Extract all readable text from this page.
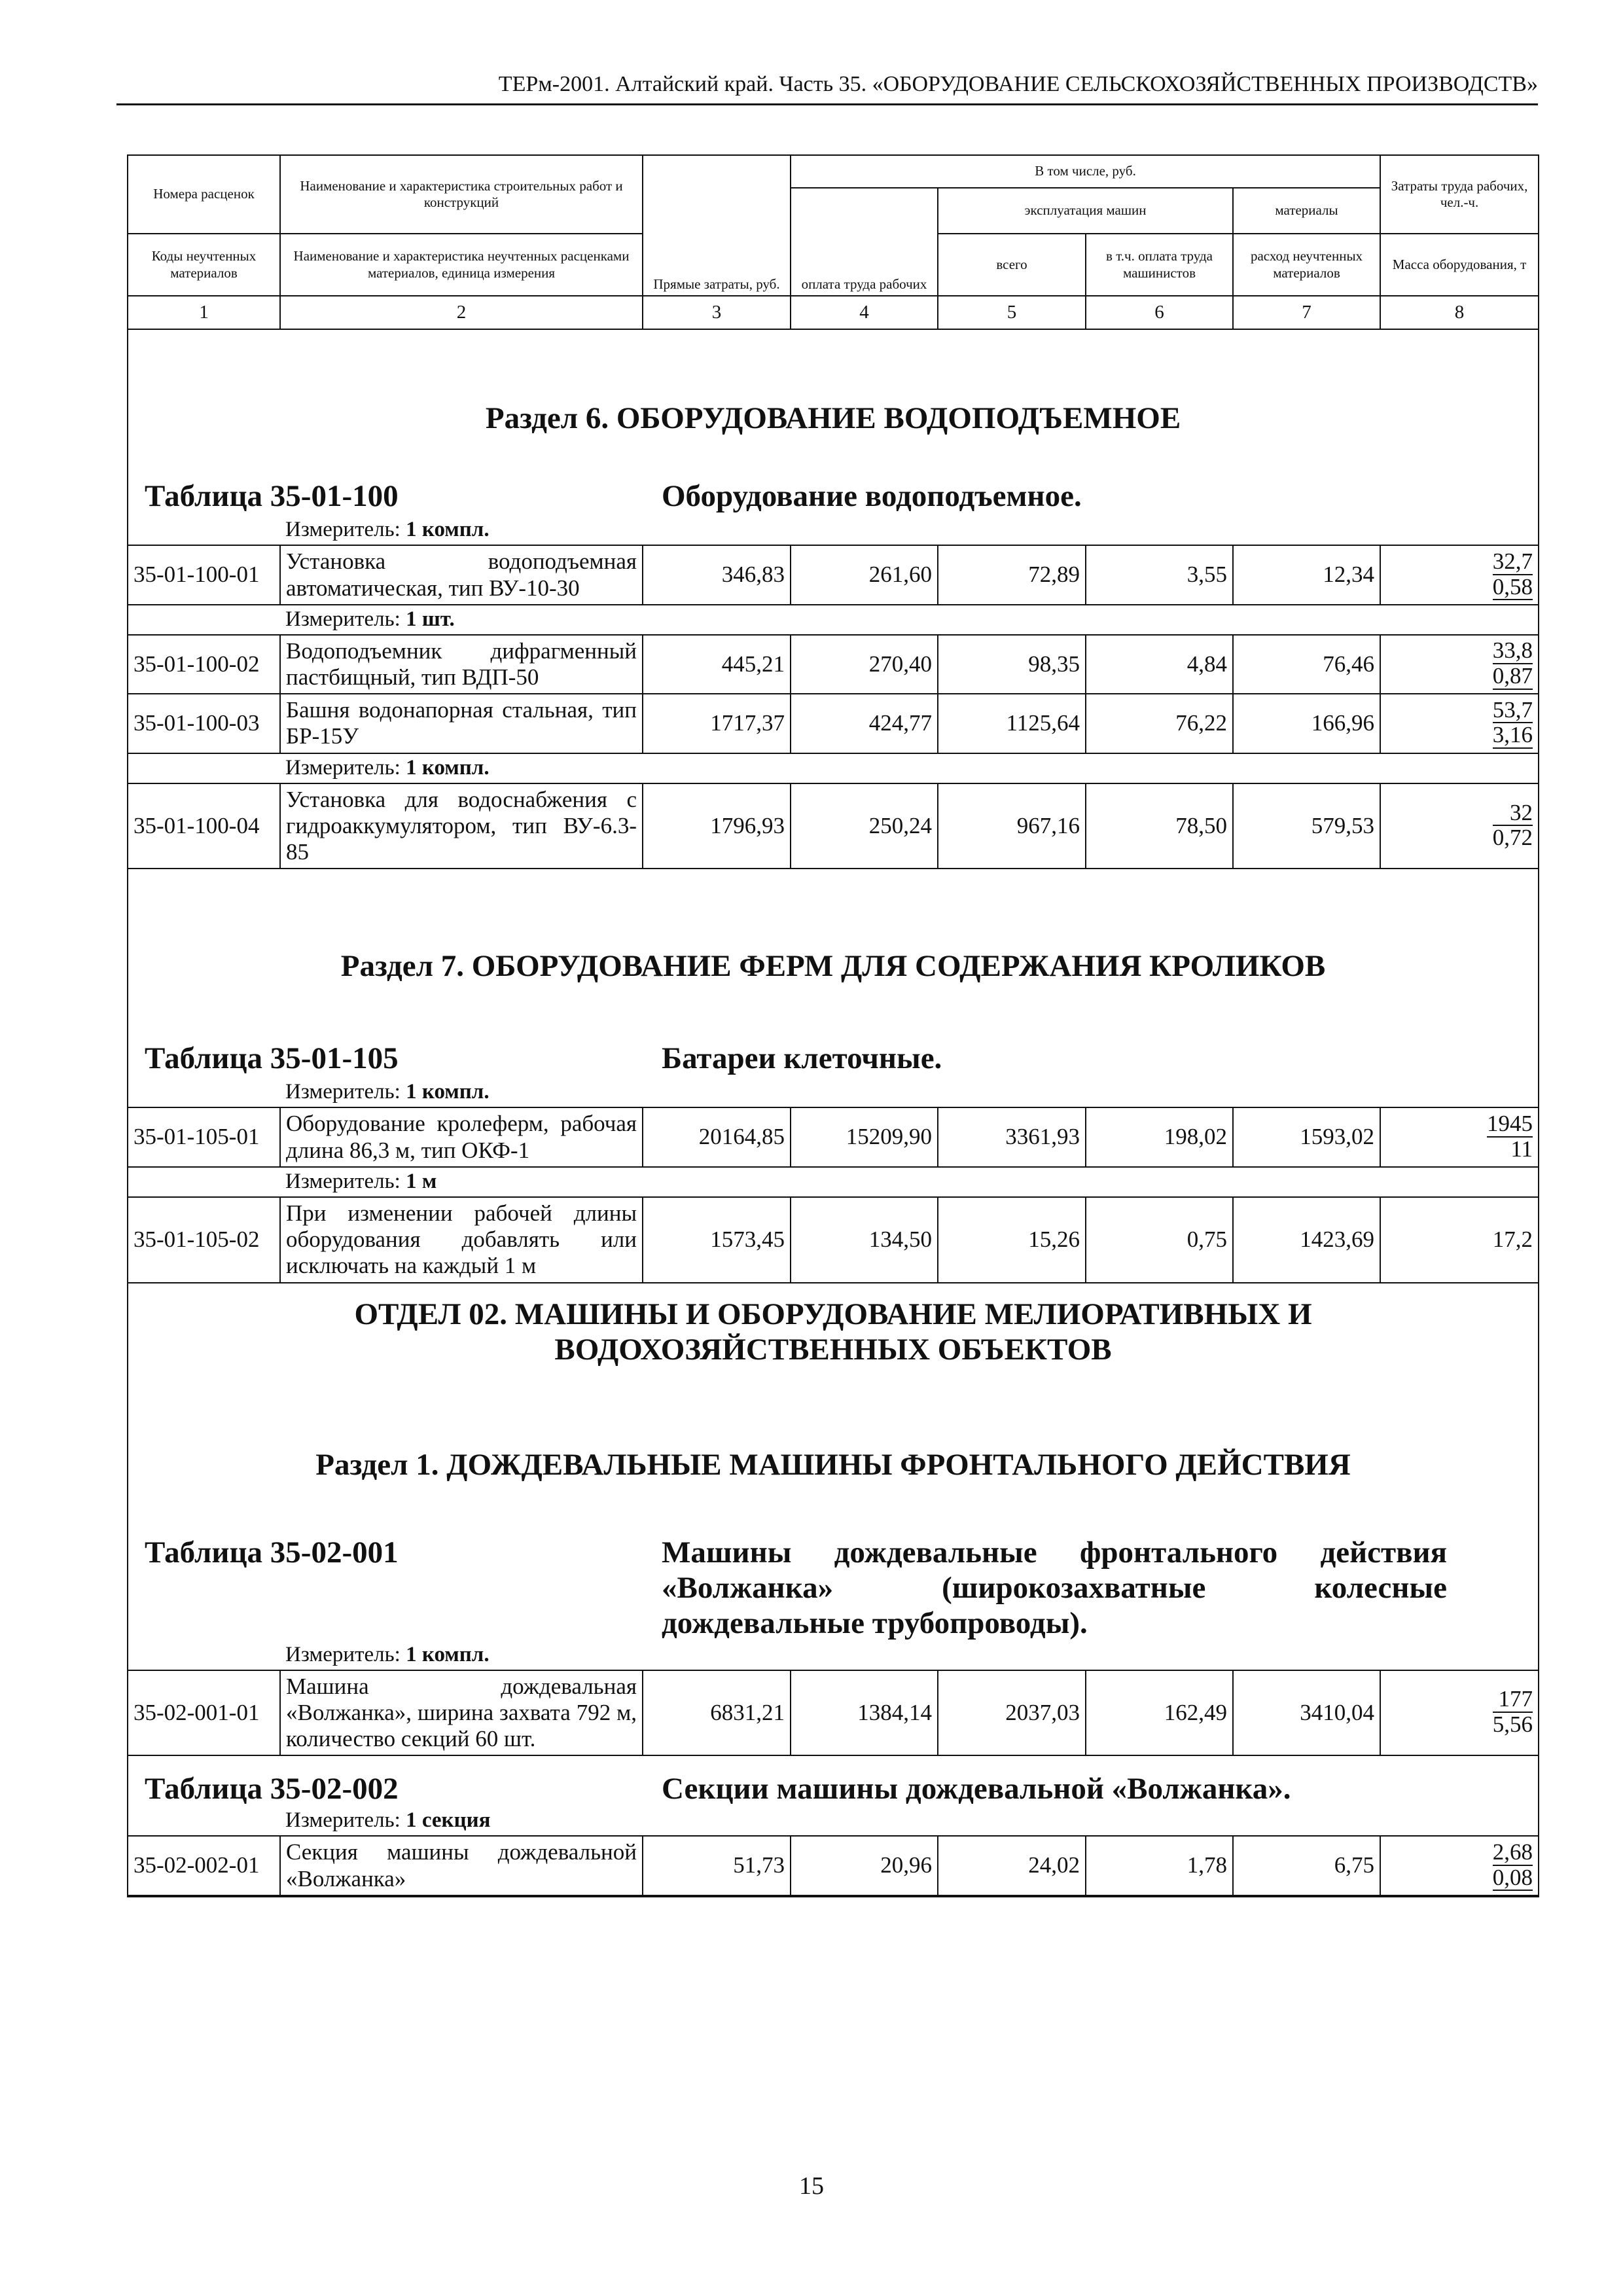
ТЕРм-2001. Алтайский край. Часть 35. «ОБОРУДОВАНИЕ СЕЛЬСКОХОЗЯЙСТВЕННЫХ ПРОИЗВОДСТВ»
Номера расценок	Наименование и характеристика строительных работ и конструкций	Прямые затраты, руб.	В том числе, руб.				Затраты труда рабочих, чел.-ч.
			оплата труда рабочих	эксплуатация машин		материалы	
Коды неучтенных материалов	Наименование и характеристика неучтенных расценками материалов, единица измерения			всего	в т.ч. оплата труда машинистов	расход неучтенных материалов	Масса оборудования, т
1	2	3	4	5	6	7	8
Раздел 6. ОБОРУДОВАНИЕ ВОДОПОДЪЕМНОЕ							
Таблица 35-01-100 Оборудование водоподъемное.							
	Измеритель: 1 компл.						
35-01-100-01	Установка водоподъемная автоматическая, тип ВУ-10-30	346,83	261,60	72,89	3,55	12,34	$\frac{32,7}{0,58}$

	Измеритель: 1 шт.						
35-01-100-02	Водоподъемник дифрагменный пастбищный, тип ВДП-50	445,21	270,40	98,35	4,84	76,46	$\frac{33,8}{0,87}$

35-01-100-03	Башня водонапорная стальная, тип БР-15У	1717,37	424,77	1125,64	76,22	166,96	$\frac{53,7}{3,16}$

	Измеритель: 1 компл.						
35-01-100-04	Установка для водоснабжения с гидроаккумулятором, тип ВУ-6.3-85	1796,93	250,24	967,16	78,50	579,53	$\frac{32}{0,72}$

Раздел 7. ОБОРУДОВАНИЕ ФЕРМ ДЛЯ СОДЕРЖАНИЯ КРОЛИКОВ							
Таблица 35-01-105 Батареи клеточные.							
	Измеритель: 1 компл.						
35-01-105-01	Оборудование кролеферм, рабочая длина 86,3 м, тип ОКФ-1	20164,85	15209,90	3361,93	198,02	1593,02	$\frac{1945}{11}$

	Измеритель: 1 м						
35-01-105-02	При изменении рабочей длины оборудования добавлять или исключать на каждый 1 м	1573,45	134,50	15,26	0,75	1423,69	17,2

ОТДЕЛ 02. МАШИНЫ И ОБОРУДОВАНИЕ МЕЛИОРАТИВНЫХ И
ВОДОХОЗЯЙСТВЕННЫХ ОБЪЕКТОВ							

Раздел 1. ДОЖДЕВАЛЬНЫЕ МАШИНЫ ФРОНТАЛЬНОГО ДЕЙСТВИЯ							
Таблица 35-02-001 Машины дождевальные фронтального действия «Волжанка» (широкозахватные колесные дождевальные трубопроводы).							
	Измеритель: 1 компл.						
35-02-001-01	Машина дождевальная «Волжанка», ширина захвата 792 м, количество секций 60 шт.	6831,21	1384,14	2037,03	162,49	3410,04	$\frac{177}{5,56}$

Таблица 35-02-002 Секции машины дождевальной «Волжанка».							
	Измеритель: 1 секция						
35-02-002-01	Секция машины дождевальной «Волжанка»	51,73	20,96	24,02	1,78	6,75	$\frac{2,68}{0,08}$
15
